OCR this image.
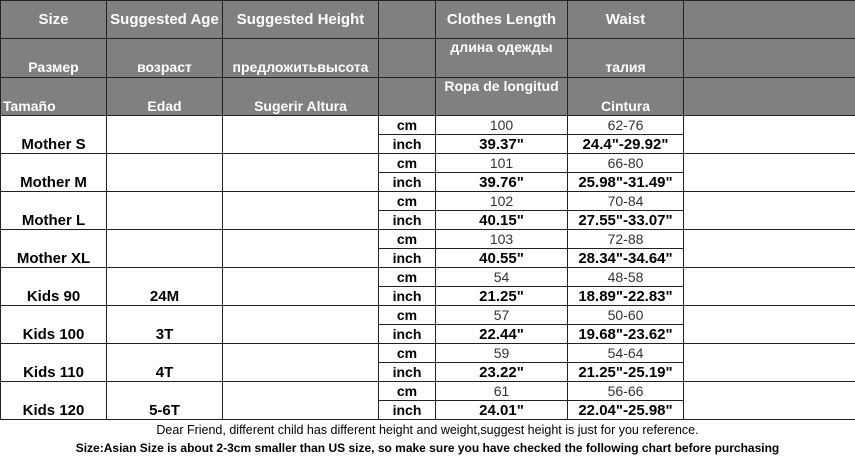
Size	Suggested Age	Suggested Height		Clothes Length	Waist	
Размер	возраст	предложитьвысота		длина одежды	талия	
Tamaño	Edad	Sugerir Altura		Ropa de longitud	Cintura	
Mother S			cm	100	62-76	
			inch	39.37"	24.4"-29.92"	
Mother M			cm	101	66-80	
			inch	39.76"	25.98"-31.49"	
Mother L			cm	102	70-84	
			inch	40.15"	27.55"-33.07"	
Mother XL			cm	103	72-88	
			inch	40.55"	28.34"-34.64"	
Kids 90	24M		cm	54	48-58	
			inch	21.25"	18.89"-22.83"	
Kids 100	3T		cm	57	50-60	
			inch	22.44"	19.68"-23.62"	
Kids 110	4T		cm	59	54-64	
			inch	23.22"	21.25"-25.19"	
Kids 120	5-6T		cm	61	56-66	
			inch	24.01"	22.04"-25.98"	
Dear Friend, different child has different height and weight,suggest height is just for you reference.
Size:Asian Size is about 2-3cm smaller than US size, so make sure you have checked the following chart before purchasing
